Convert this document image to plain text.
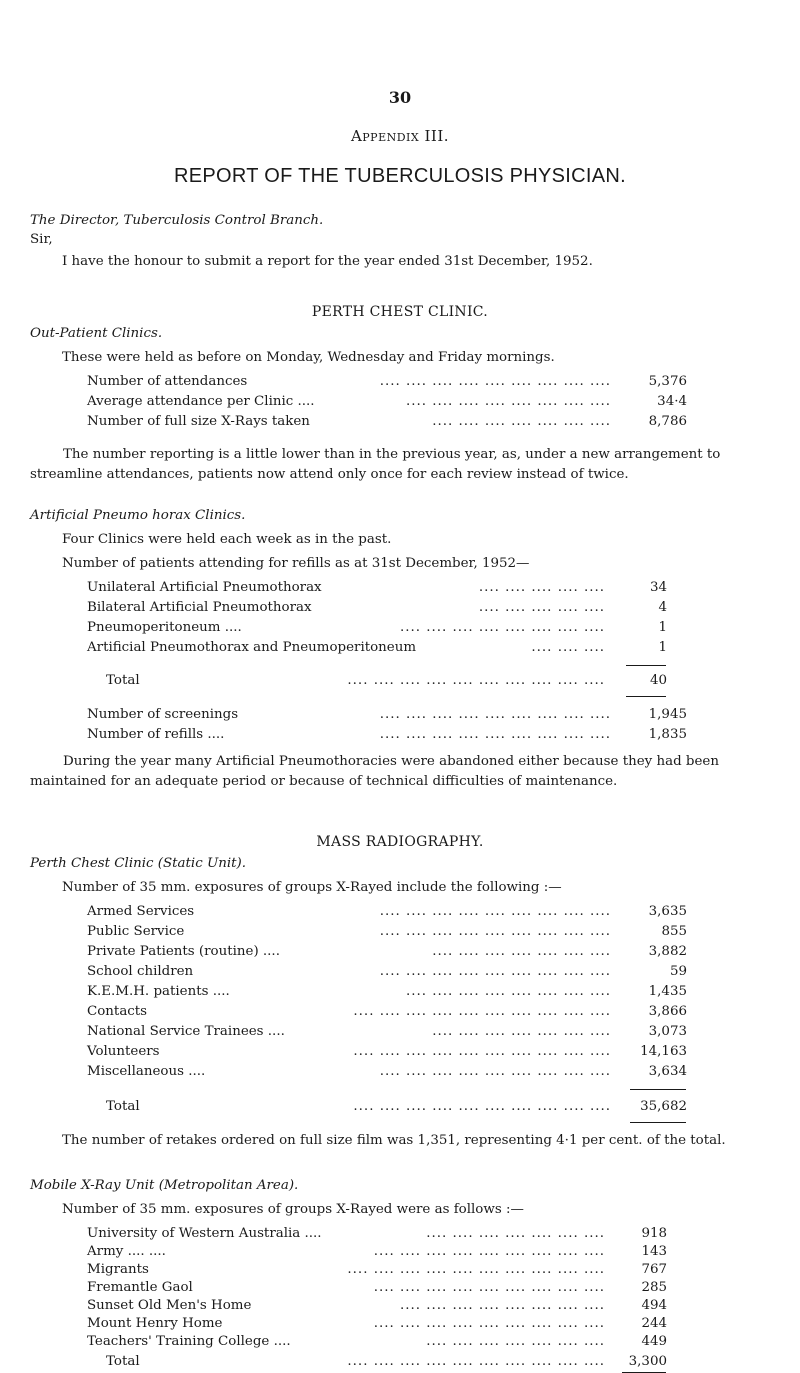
30
Appendix III.
REPORT OF THE TUBERCULOSIS PHYSICIAN.
The Director, Tuberculosis Control Branch.
Sir,
I have the honour to submit a report for the year ended 31st December, 1952.
PERTH CHEST CLINIC.
Out-Patient Clinics.
These were held as before on Monday, Wednesday and Friday mornings.
Number of attendances	.... .... .... .... .... .... .... .... ....	5,376
Average attendance per Clinic ....	.... .... .... .... .... .... .... ....	34·4
Number of full size X-Rays taken	.... .... .... .... .... .... ....	8,786
The number reporting is a little lower than in the previous year, as, under a new arrangement to streamline attendances, patients now attend only once for each review instead of twice.
Artificial Pneumo horax Clinics.
Four Clinics were held each week as in the past.
Number of patients attending for refills as at 31st December, 1952—
Unilateral Artificial Pneumothorax	.... .... .... .... ....	34
Bilateral Artificial Pneumothorax	.... .... .... .... ....	4
Pneumoperitoneum ....	.... .... .... .... .... .... .... ....	1
Artificial Pneumothorax and Pneumoperitoneum	.... .... ....	1
Total	.... .... .... .... .... .... .... .... .... ....	40
Number of screenings	.... .... .... .... .... .... .... .... ....	1,945
Number of refills ....	.... .... .... .... .... .... .... .... ....	1,835
During the year many Artificial Pneumothoracies were abandoned either because they had been maintained for an adequate period or because of technical difficulties of maintenance.
MASS RADIOGRAPHY.
Perth Chest Clinic (Static Unit).
Number of 35 mm. exposures of groups X-Rayed include the following :—
Armed Services	.... .... .... .... .... .... .... .... ....	3,635
Public Service	.... .... .... .... .... .... .... .... ....	855
Private Patients (routine) ....	.... .... .... .... .... .... ....	3,882
School children	.... .... .... .... .... .... .... .... ....	59
K.E.M.H. patients ....	.... .... .... .... .... .... .... ....	1,435
Contacts	.... .... .... .... .... .... .... .... .... ....	3,866
National Service Trainees ....	.... .... .... .... .... .... ....	3,073
Volunteers	.... .... .... .... .... .... .... .... .... .... 14,163
Miscellaneous ....	.... .... .... .... .... .... .... .... ....	3,634
Total	.... .... .... .... .... .... .... .... .... .... 35,682
The number of retakes ordered on full size film was 1,351, representing 4·1 per cent. of the total.
Mobile X-Ray Unit (Metropolitan Area).
Number of 35 mm. exposures of groups X-Rayed were as follows :—
University of Western Australia ....	.... .... .... .... .... .... ....	918
Army .... ....	.... .... .... .... .... .... .... .... ....	143
Migrants	.... .... .... .... .... .... .... .... .... ....	767
Fremantle Gaol	.... .... .... .... .... .... .... .... ....	285
Sunset Old Men's Home	.... .... .... .... .... .... .... ....	494
Mount Henry Home	.... .... .... .... .... .... .... .... ....	244
Teachers' Training College ....	.... .... .... .... .... .... ....	449
Total	.... .... .... .... .... .... .... .... .... .... 3,300
